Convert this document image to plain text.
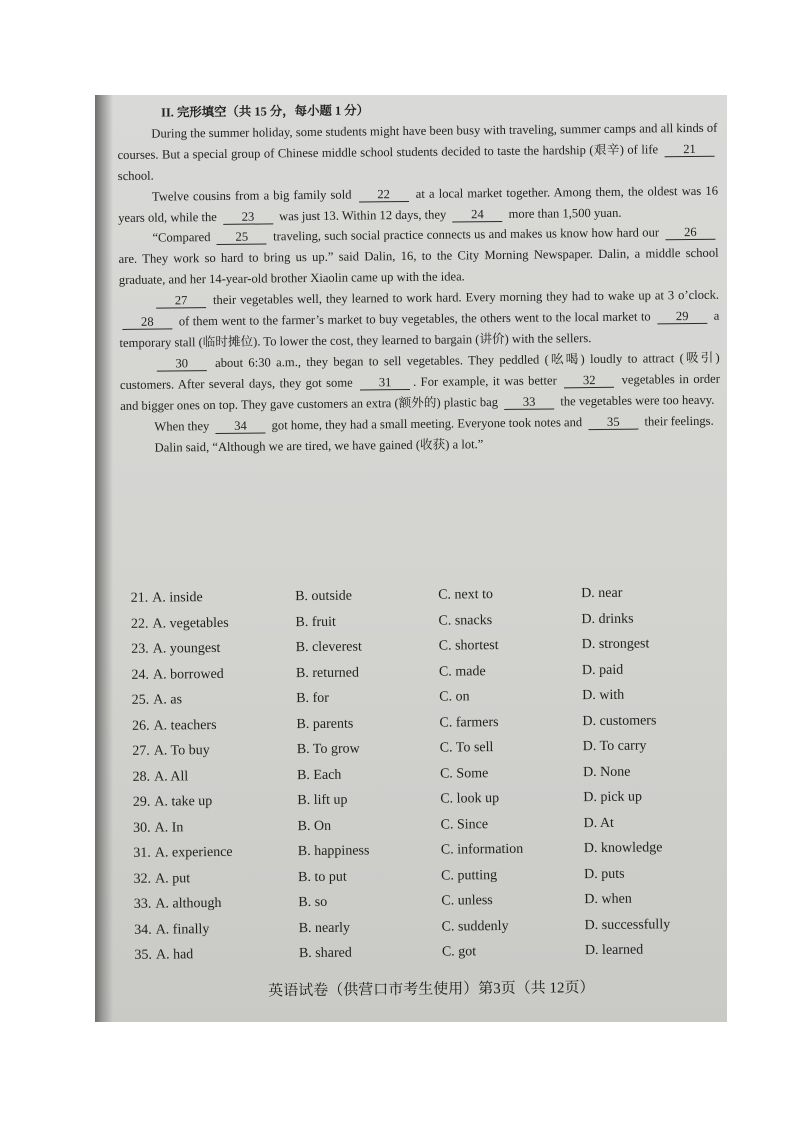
II. 完形填空（共 15 分，每小题 1 分）
During the summer holiday, some students might have been busy with traveling, summer camps and all kinds of courses. But a special group of Chinese middle school students decided to taste the hardship (艰辛) of life 21 school.
Twelve cousins from a big family sold 22 at a local market together. Among them, the oldest was 16 years old, while the 23 was just 13. Within 12 days, they 24 more than 1,500 yuan.
“Compared 25 traveling, such social practice connects us and makes us know how hard our 26 are. They work so hard to bring us up.” said Dalin, 16, to the City Morning Newspaper. Dalin, a middle school graduate, and her 14-year-old brother Xiaolin came up with the idea.
27 their vegetables well, they learned to work hard. Every morning they had to wake up at 3 o’clock. 28 of them went to the farmer’s market to buy vegetables, the others went to the local market to 29 a temporary stall (临时摊位). To lower the cost, they learned to bargain (讲价) with the sellers.
30 about 6:30 a.m., they began to sell vegetables. They peddled (吆喝) loudly to attract (吸引) customers. After several days, they got some 31 . For example, it was better 32 vegetables in order and bigger ones on top. They gave customers an extra (额外的) plastic bag 33 the vegetables were too heavy.
When they 34 got home, they had a small meeting. Everyone took notes and 35 their feelings.
Dalin said, “Although we are tired, we have gained (收获) a lot.”
21. A. inside	B. outside	C. next to	D. near
22. A. vegetables	B. fruit	C. snacks	D. drinks
23. A. youngest	B. cleverest	C. shortest	D. strongest
24. A. borrowed	B. returned	C. made	D. paid
25. A. as	B. for	C. on	D. with
26. A. teachers	B. parents	C. farmers	D. customers
27. A. To buy	B. To grow	C. To sell	D. To carry
28. A. All	B. Each	C. Some	D. None
29. A. take up	B. lift up	C. look up	D. pick up
30. A. In	B. On	C. Since	D. At
31. A. experience	B. happiness	C. information	D. knowledge
32. A. put	B. to put	C. putting	D. puts
33. A. although	B. so	C. unless	D. when
34. A. finally	B. nearly	C. suddenly	D. successfully
35. A. had	B. shared	C. got	D. learned
英语试卷（供营口市考生使用）第3页（共 12页）
